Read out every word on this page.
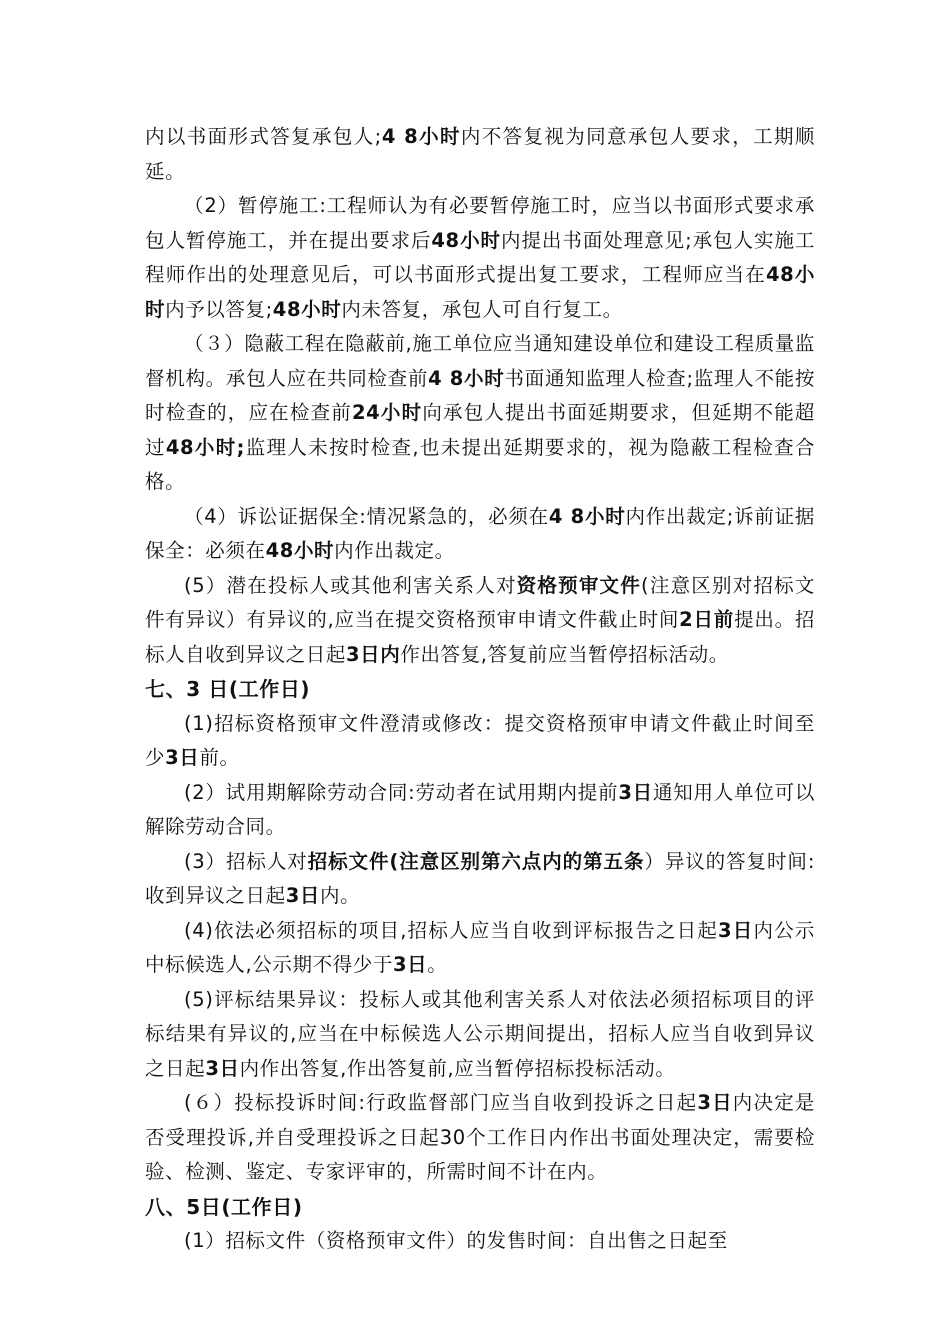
内以书面形式答复承包人;4 8小时内不答复视为同意承包人要求，工期顺延。

（2）暂停施工:工程师认为有必要暂停施工时，应当以书面形式要求承包人暂停施工，并在提出要求后48小时内提出书面处理意见;承包人实施工程师作出的处理意见后，可以书面形式提出复工要求，工程师应当在48小时内予以答复;48小时内未答复，承包人可自行复工。

（３）隐蔽工程在隐蔽前,施工单位应当通知建设单位和建设工程质量监督机构。承包人应在共同检查前4 8小时书面通知监理人检查;监理人不能按时检查的，应在检查前24小时向承包人提出书面延期要求，但延期不能超过48小时;监理人未按时检查,也未提出延期要求的，视为隐蔽工程检查合格。

（4）诉讼证据保全:情况紧急的，必须在4 8小时内作出裁定;诉前证据保全：必须在48小时内作出裁定。

(5）潜在投标人或其他利害关系人对资格预审文件(注意区别对招标文件有异议）有异议的,应当在提交资格预审申请文件截止时间2日前提出。招标人自收到异议之日起3日内作出答复,答复前应当暂停招标活动。

七、3 日(工作日)

(1)招标资格预审文件澄清或修改：提交资格预审申请文件截止时间至少3日前。

(2）试用期解除劳动合同:劳动者在试用期内提前3日通知用人单位可以解除劳动合同。

(3）招标人对招标文件(注意区别第六点内的第五条）异议的答复时间:收到异议之日起3日内。

(4)依法必须招标的项目,招标人应当自收到评标报告之日起3日内公示中标候选人,公示期不得少于3日。

(5)评标结果异议：投标人或其他利害关系人对依法必须招标项目的评标结果有异议的,应当在中标候选人公示期间提出，招标人应当自收到异议之日起3日内作出答复,作出答复前,应当暂停招标投标活动。

(６）投标投诉时间:行政监督部门应当自收到投诉之日起3日内决定是否受理投诉,并自受理投诉之日起30个工作日内作出书面处理决定，需要检验、检测、鉴定、专家评审的，所需时间不计在内。

八、5日(工作日)

(1）招标文件（资格预审文件）的发售时间：自出售之日起至
